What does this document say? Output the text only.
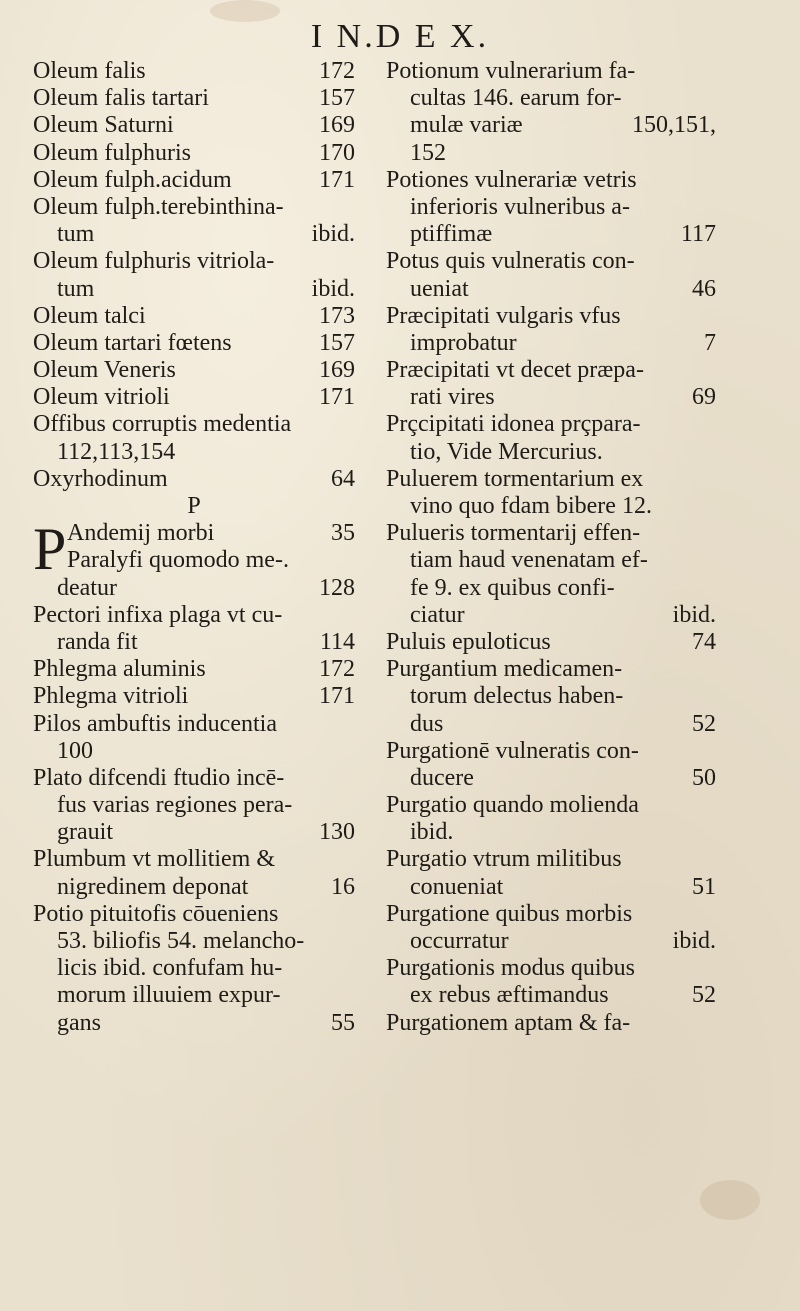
I N.D E X.
Oleum falis	172
Oleum falis tartari	157
Oleum Saturni	169
Oleum fulphuris	170
Oleum fulph.acidum	171
Oleum fulph.terebinthina-
tum	ibid.
Oleum fulphuris vitriola-
tum	ibid.
Oleum talci	173
Oleum tartari fœtens	157
Oleum Veneris	169
Oleum vitrioli	171
Offibus corruptis medentia
112,113,154
Oxyrhodinum	64
P
P Andemij morbi	35
Paralyfi quomodo me-.
deatur	128
Pectori infixa plaga vt cu-
randa fit	114
Phlegma aluminis	172
Phlegma vitrioli	171
Pilos ambuftis inducentia
100
Plato difcendi ftudio incē-
fus varias regiones pera-
grauit	130
Plumbum vt mollitiem &
nigredinem deponat	16
Potio pituitofis cōueniens
53. biliofis 54. melancho-
licis ibid. confufam hu-
morum illuuiem expur-
gans	55
Potionum vulnerarium fa-
cultas 146. earum for-
mulæ variæ	150,151,
152
Potiones vulnerariæ vetris
inferioris vulneribus a-
ptiffimæ	117
Potus quis vulneratis con-
ueniat	46
Præcipitati vulgaris vfus
improbatur	7
Præcipitati vt decet præpa-
rati vires	69
Prçcipitati idonea prçpara-
tio, Vide Mercurius.
Puluerem tormentarium ex
vino quo fdam bibere 12.
Pulueris tormentarij effen-
tiam haud venenatam ef-
fe 9. ex quibus confi-
ciatur	ibid.
Puluis epuloticus	74
Purgantium medicamen-
torum delectus haben-
dus	52
Purgationē vulneratis con-
ducere	50
Purgatio quando molienda
ibid.
Purgatio vtrum militibus
conueniat	51
Purgatione quibus morbis
occurratur	ibid.
Purgationis modus quibus
ex rebus æftimandus	52
Purgationem aptam & fa-
